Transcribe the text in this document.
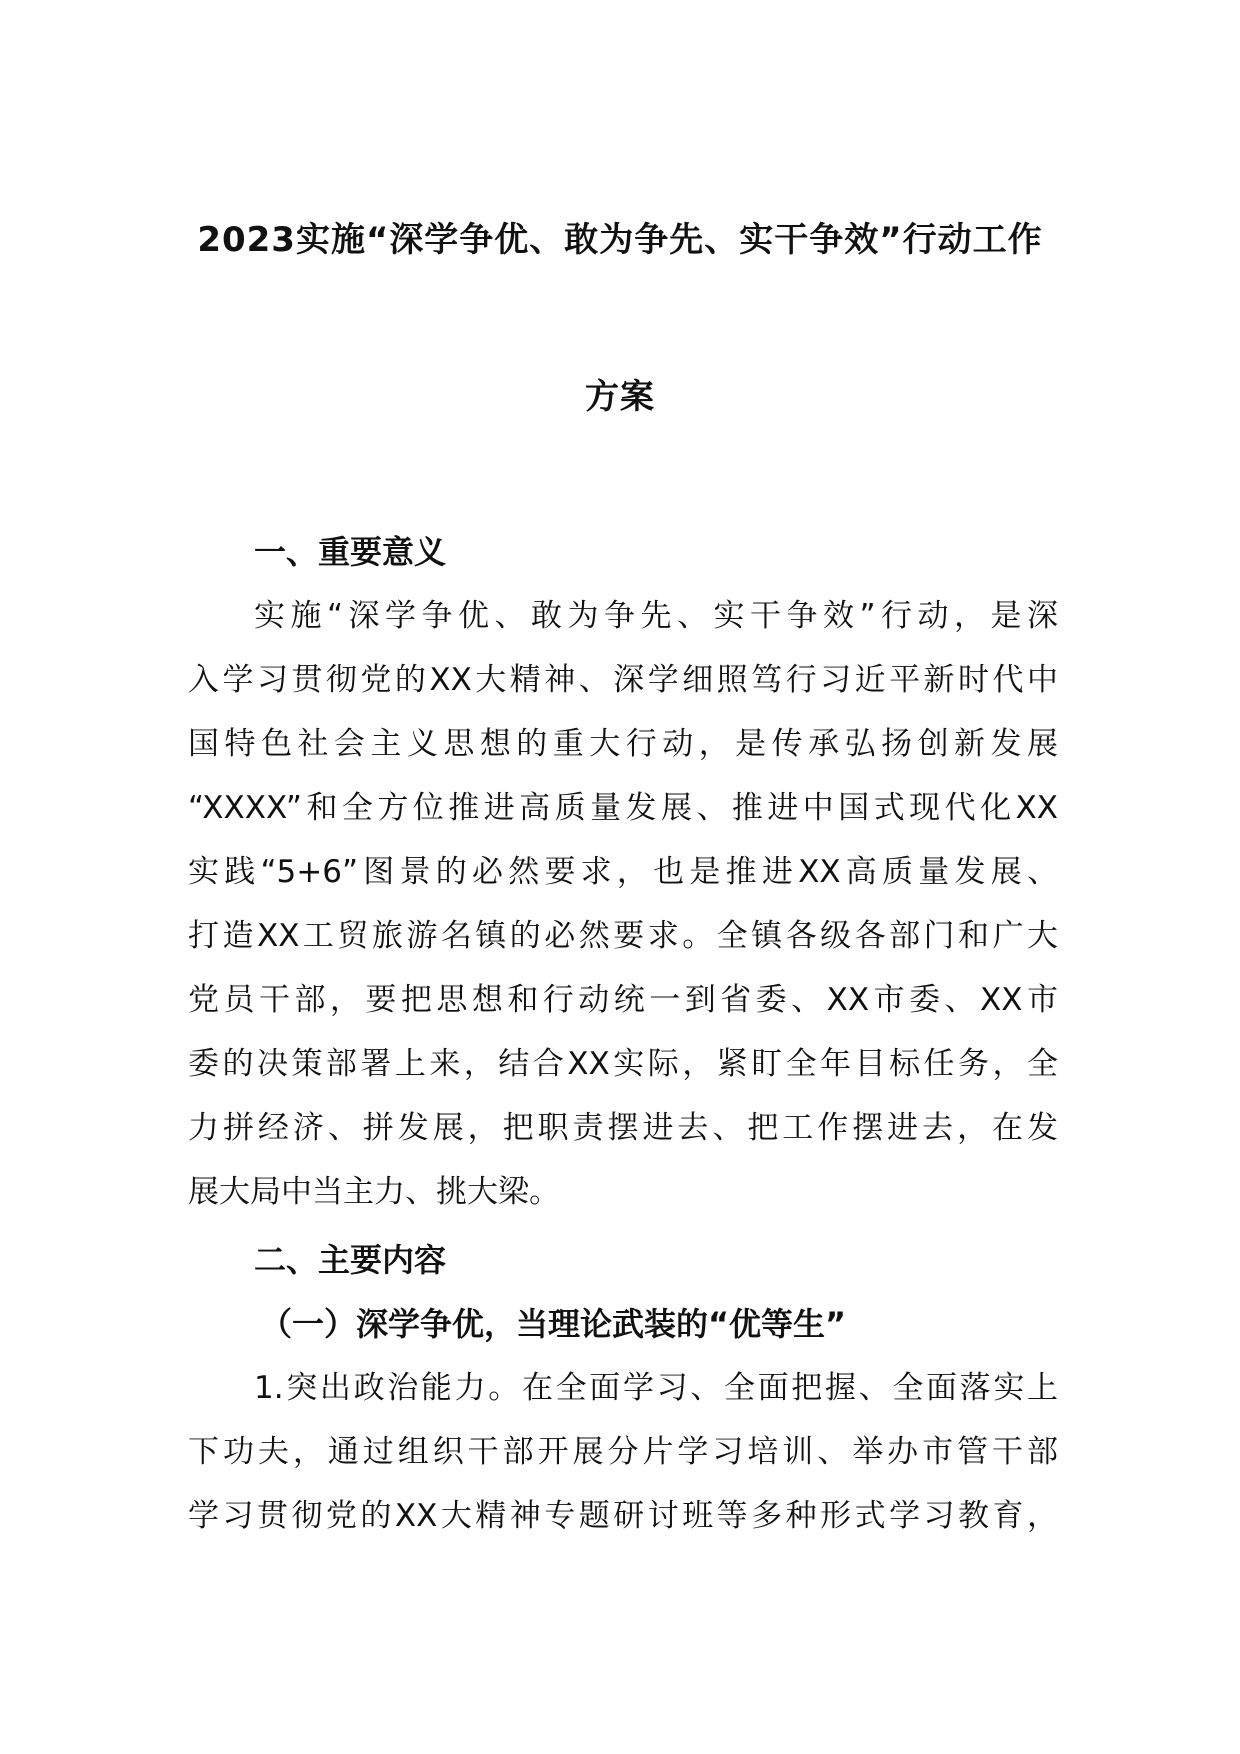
2023实施“深学争优、敢为争先、实干争效”行动工作
方案
一、重要意义
实施“深学争优、敢为争先、实干争效”行动，是深
入学习贯彻党的XX大精神、深学细照笃行习近平新时代中
国特色社会主义思想的重大行动，是传承弘扬创新发展
“XXXX”和全方位推进高质量发展、推进中国式现代化XX
实践“5+6”图景的必然要求，也是推进XX高质量发展、
打造XX工贸旅游名镇的必然要求。全镇各级各部门和广大
党员干部，要把思想和行动统一到省委、XX市委、XX市
委的决策部署上来，结合XX实际，紧盯全年目标任务，全
力拼经济、拼发展，把职责摆进去、把工作摆进去，在发
展大局中当主力、挑大梁。
二、主要内容
（一）深学争优，当理论武装的“优等生”
1.突出政治能力。在全面学习、全面把握、全面落实上
下功夫，通过组织干部开展分片学习培训、举办市管干部
学习贯彻党的XX大精神专题研讨班等多种形式学习教育，
